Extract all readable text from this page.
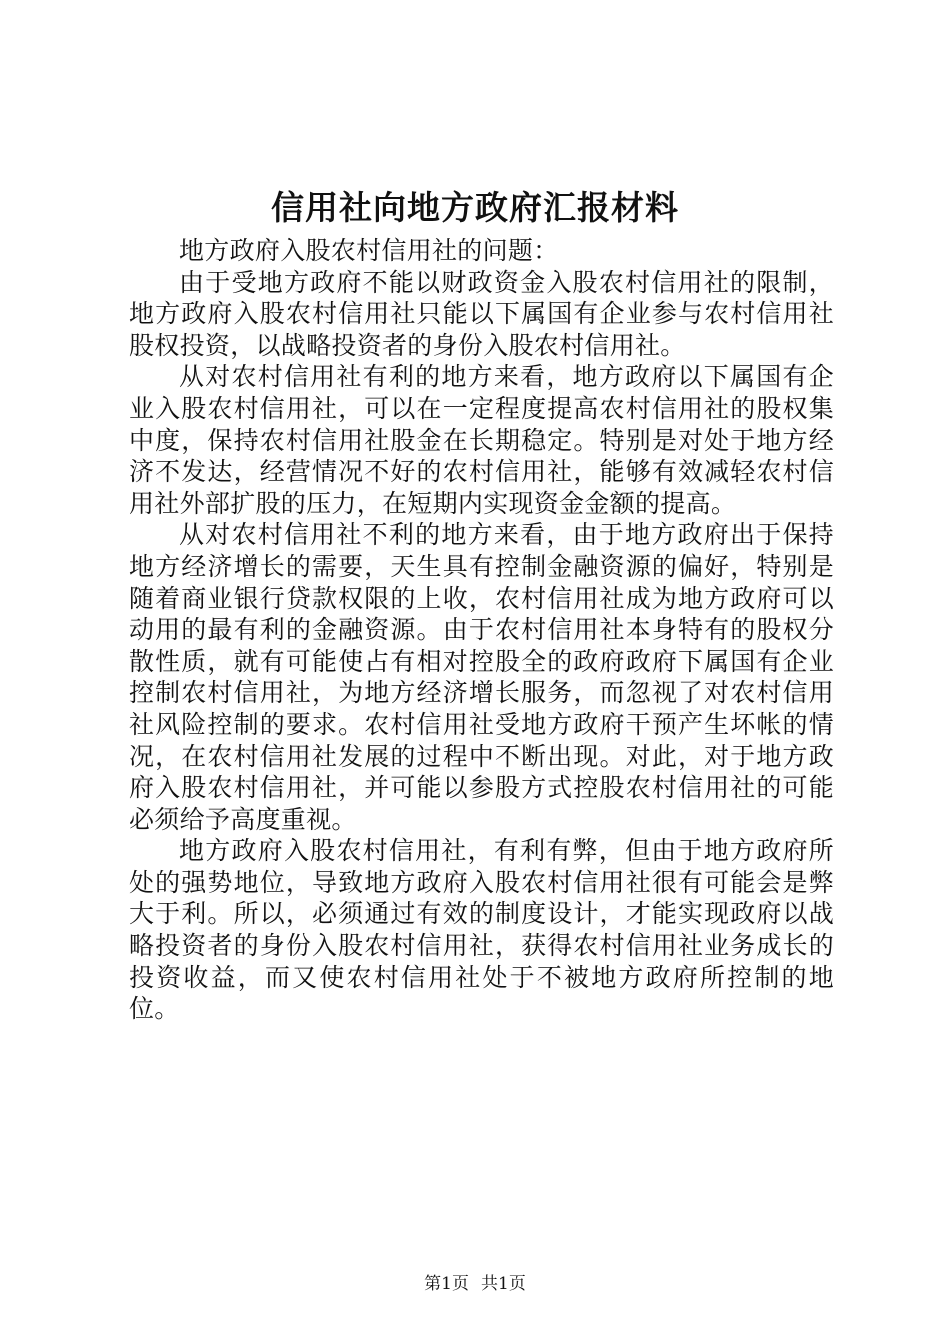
信用社向地方政府汇报材料

地方政府入股农村信用社的问题：

由于受地方政府不能以财政资金入股农村信用社的限制，地方政府入股农村信用社只能以下属国有企业参与农村信用社股权投资，以战略投资者的身份入股农村信用社。

从对农村信用社有利的地方来看，地方政府以下属国有企业入股农村信用社，可以在一定程度提高农村信用社的股权集中度，保持农村信用社股金在长期稳定。特别是对处于地方经济不发达，经营情况不好的农村信用社，能够有效减轻农村信用社外部扩股的压力，在短期内实现资金金额的提高。

从对农村信用社不利的地方来看，由于地方政府出于保持地方经济增长的需要，天生具有控制金融资源的偏好，特别是随着商业银行贷款权限的上收，农村信用社成为地方政府可以动用的最有利的金融资源。由于农村信用社本身特有的股权分散性质，就有可能使占有相对控股全的政府政府下属国有企业控制农村信用社，为地方经济增长服务，而忽视了对农村信用社风险控制的要求。农村信用社受地方政府干预产生坏帐的情况，在农村信用社发展的过程中不断出现。对此，对于地方政府入股农村信用社，并可能以参股方式控股农村信用社的可能必须给予高度重视。

地方政府入股农村信用社，有利有弊，但由于地方政府所处的强势地位，导致地方政府入股农村信用社很有可能会是弊大于利。所以，必须通过有效的制度设计，才能实现政府以战略投资者的身份入股农村信用社，获得农村信用社业务成长的投资收益，而又使农村信用社处于不被地方政府所控制的地位。

第1页 共1页
